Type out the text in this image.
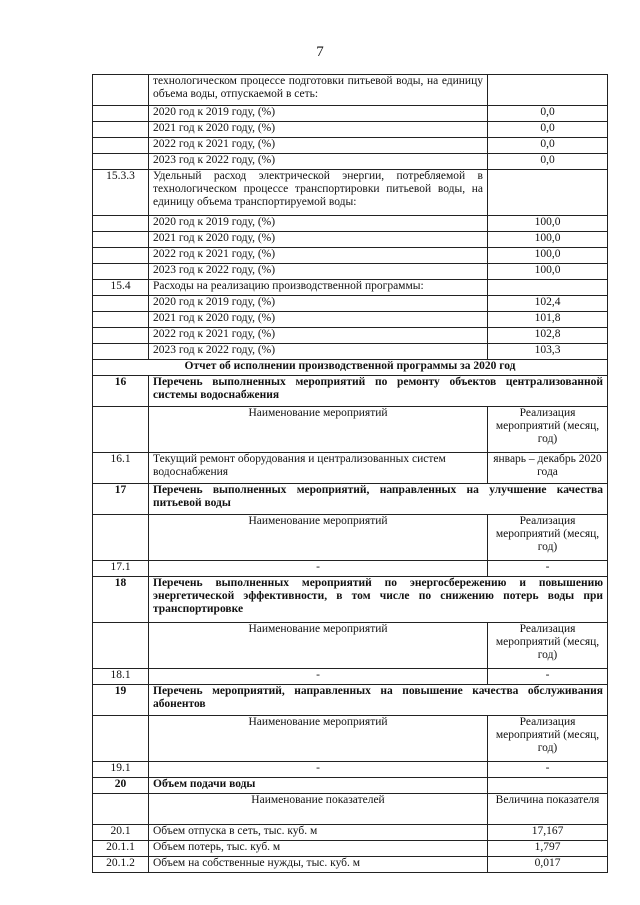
7
	технологическом процессе подготовки питьевой воды, на единицу объема воды, отпускаемой в сеть:	
	2020 год к 2019 году, (%)	0,0
	2021 год к 2020 году, (%)	0,0
	2022 год к 2021 году, (%)	0,0
	2023 год к 2022 году, (%)	0,0
15.3.3	Удельный расход электрической энергии, потребляемой в технологическом процессе транспортировки питьевой воды, на единицу объема транспортируемой воды:	
	2020 год к 2019 году, (%)	100,0
	2021 год к 2020 году, (%)	100,0
	2022 год к 2021 году, (%)	100,0
	2023 год к 2022 году, (%)	100,0
15.4	Расходы на реализацию производственной программы:	
	2020 год к 2019 году, (%)	102,4
	2021 год к 2020 году, (%)	101,8
	2022 год к 2021 году, (%)	102,8
	2023 год к 2022 году, (%)	103,3
Отчет об исполнении производственной программы за 2020 год		
16	Перечень выполненных мероприятий по ремонту объектов централизованной системы водоснабжения	
	Наименование мероприятий	Реализация мероприятий (месяц, год)
16.1	Текущий ремонт оборудования и централизованных систем водоснабжения	январь – декабрь 2020 года
17	Перечень выполненных мероприятий, направленных на улучшение качества питьевой воды	
	Наименование мероприятий	Реализация мероприятий (месяц, год)
17.1	-	-
18	Перечень выполненных мероприятий по энергосбережению и повышению энергетической эффективности, в том числе по снижению потерь воды при транспортировке	
	Наименование мероприятий	Реализация мероприятий (месяц, год)
18.1	-	-
19	Перечень мероприятий, направленных на повышение качества обслуживания абонентов	
	Наименование мероприятий	Реализация мероприятий (месяц, год)
19.1	-	-
20	Объем подачи воды	
	Наименование показателей	Величина показателя
20.1	Объем отпуска в сеть, тыс. куб. м	17,167
20.1.1	Объем потерь, тыс. куб. м	1,797
20.1.2	Объем на собственные нужды, тыс. куб. м	0,017
